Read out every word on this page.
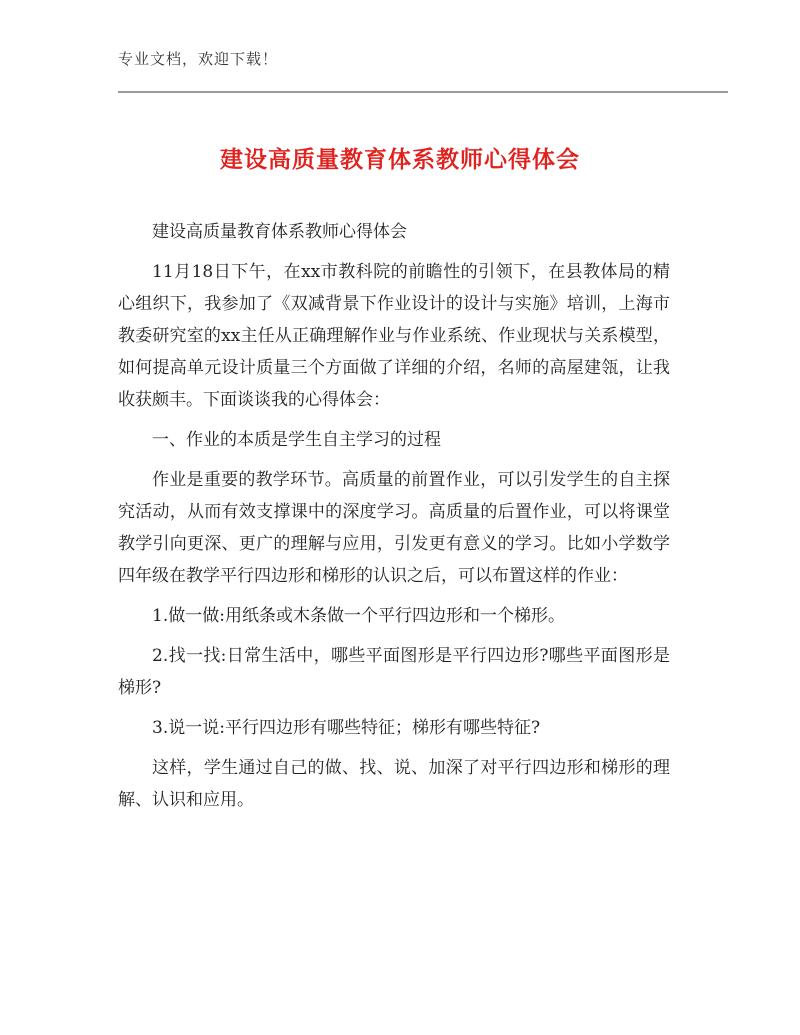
专业文档，欢迎下载！
建设高质量教育体系教师心得体会

建设高质量教育体系教师心得体会

11月18日下午，在xx市教科院的前瞻性的引领下，在县教体局的精心组织下，我参加了《双减背景下作业设计的设计与实施》培训，上海市教委研究室的xx主任从正确理解作业与作业系统、作业现状与关系模型，如何提高单元设计质量三个方面做了详细的介绍，名师的高屋建瓴，让我收获颇丰。下面谈谈我的心得体会：

一、作业的本质是学生自主学习的过程

作业是重要的教学环节。高质量的前置作业，可以引发学生的自主探究活动，从而有效支撑课中的深度学习。高质量的后置作业，可以将课堂教学引向更深、更广的理解与应用，引发更有意义的学习。比如小学数学四年级在教学平行四边形和梯形的认识之后，可以布置这样的作业：

1.做一做:用纸条或木条做一个平行四边形和一个梯形。

2.找一找:日常生活中，哪些平面图形是平行四边形?哪些平面图形是梯形?

3.说一说:平行四边形有哪些特征；梯形有哪些特征?

这样，学生通过自己的做、找、说、加深了对平行四边形和梯形的理解、认识和应用。
